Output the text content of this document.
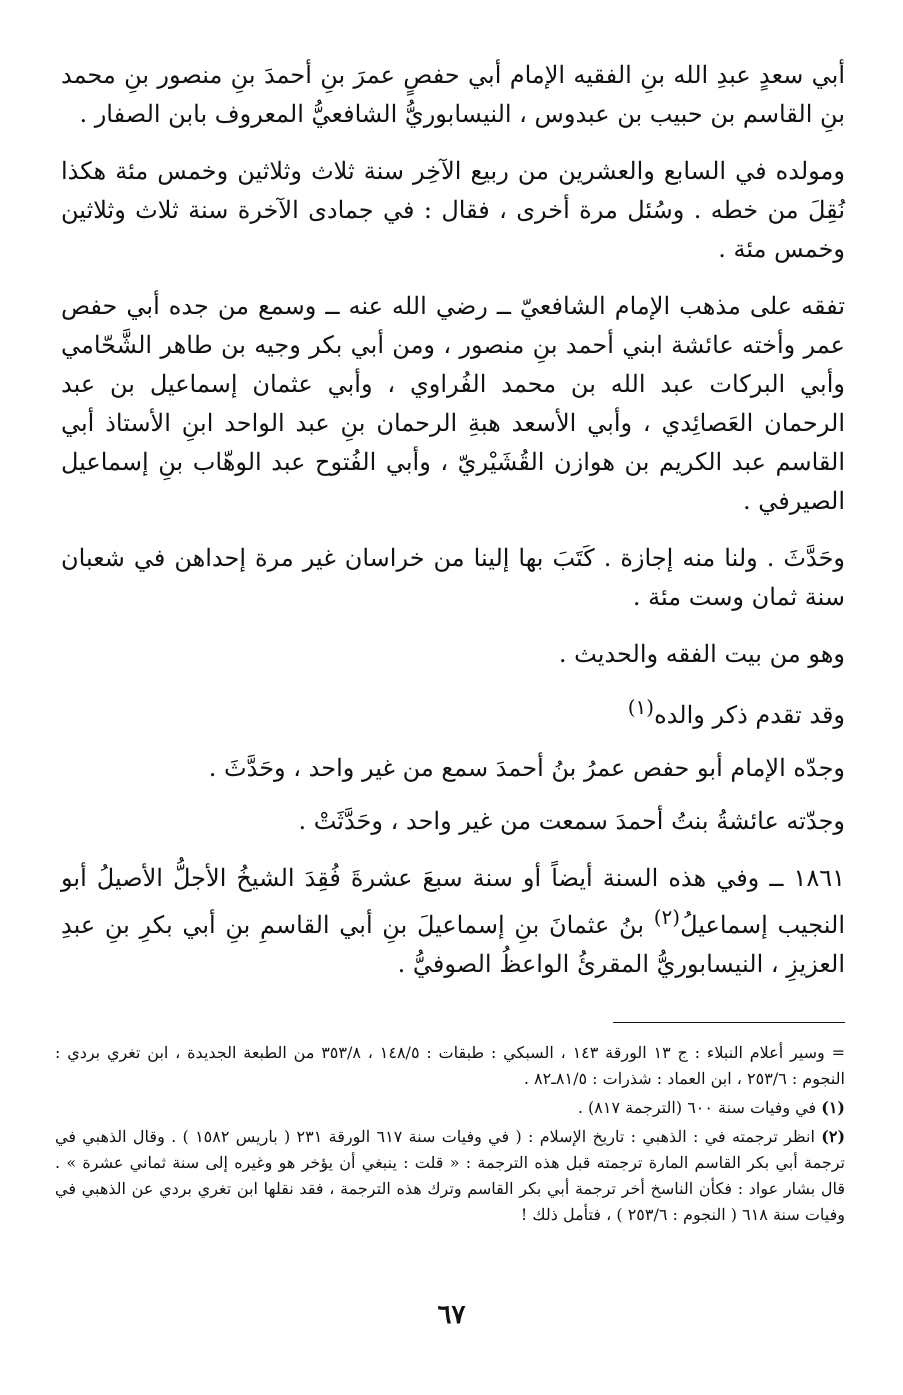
أبي سعدٍ عبدِ الله بنِ الفقيه الإمام أبي حفصٍ عمرَ بنِ أحمدَ بنِ منصور بنِ محمد بنِ القاسم بن حبيب بن عبدوس ، النيسابوريُّ الشافعيُّ المعروف بابن الصفار .

ومولده في السابع والعشرين من ربيع الآخِر سنة ثلاث وثلاثين وخمس مئة هكذا نُقِلَ من خطه . وسُئل مرة أخرى ، فقال : في جمادى الآخرة سنة ثلاث وثلاثين وخمس مئة .

تفقه على مذهب الإمام الشافعيّ ــ رضي الله عنه ــ وسمع من جده أبي حفص عمر وأخته عائشة ابني أحمد بنِ منصور ، ومن أبي بكر وجيه بن طاهر الشَّحّامي وأبي البركات عبد الله بن محمد الفُراوي ، وأبي عثمان إسماعيل بن عبد الرحمان العَصائِدي ، وأبي الأسعد هبةِ الرحمان بنِ عبد الواحد ابنِ الأستاذ أبي القاسم عبد الكريم بن هوازن القُشَيْريّ ، وأبي الفُتوح عبد الوهّاب بنِ إسماعيل الصيرفي .

وحَدَّثَ . ولنا منه إجازة . كَتَبَ بها إلينا من خراسان غير مرة إحداهن في شعبان سنة ثمان وست مئة .

وهو من بيت الفقه والحديث .

وقد تقدم ذكر والده$^{(١)}$

وجدّه الإمام أبو حفص عمرُ بنُ أحمدَ سمع من غير واحد ، وحَدَّثَ .

وجدّته عائشةُ بنتُ أحمدَ سمعت من غير واحد ، وحَدَّثَتْ .

١٨٦١ ــ وفي هذه السنة أيضاً أو سنة سبعَ عشرةَ فُقِدَ الشيخُ الأجلُّ الأصيلُ أبو النجيب إسماعيلُ$^{(٢)}$ بنُ عثمانَ بنِ إسماعيلَ بنِ أبي القاسمِ بنِ أبي بكرِ بنِ عبدِ العزيزِ ، النيسابوريُّ المقرئُ الواعظُ الصوفيُّ .

= وسير أعلام النبلاء : ج ١٣ الورقة ١٤٣ ، السبكي : طبقات : ١٤٨/٥ ، ٣٥٣/٨ من الطبعة الجديدة ، ابن تغري بردي : النجوم : ٢٥٣/٦ ، ابن العماد : شذرات : ٨١/٥ـ٨٢ .

(١) في وفيات سنة ٦٠٠ (الترجمة ٨١٧) .

(٢) انظر ترجمته في : الذهبي : تاريخ الإسلام : ( في وفيات سنة ٦١٧ الورقة ٢٣١ ( باريس ١٥٨٢ ) . وقال الذهبي في ترجمة أبي بكر القاسم المارة ترجمته قبل هذه الترجمة : « قلت : ينبغي أن يؤخر هو وغيره إلى سنة ثماني عشرة » . قال بشار عواد : فكأن الناسخ أخر ترجمة أبي بكر القاسم وترك هذه الترجمة ، فقد نقلها ابن تغري بردي عن الذهبي في وفيات سنة ٦١٨ ( النجوم : ٢٥٣/٦ ) ، فتأمل ذلك !

٦٧
